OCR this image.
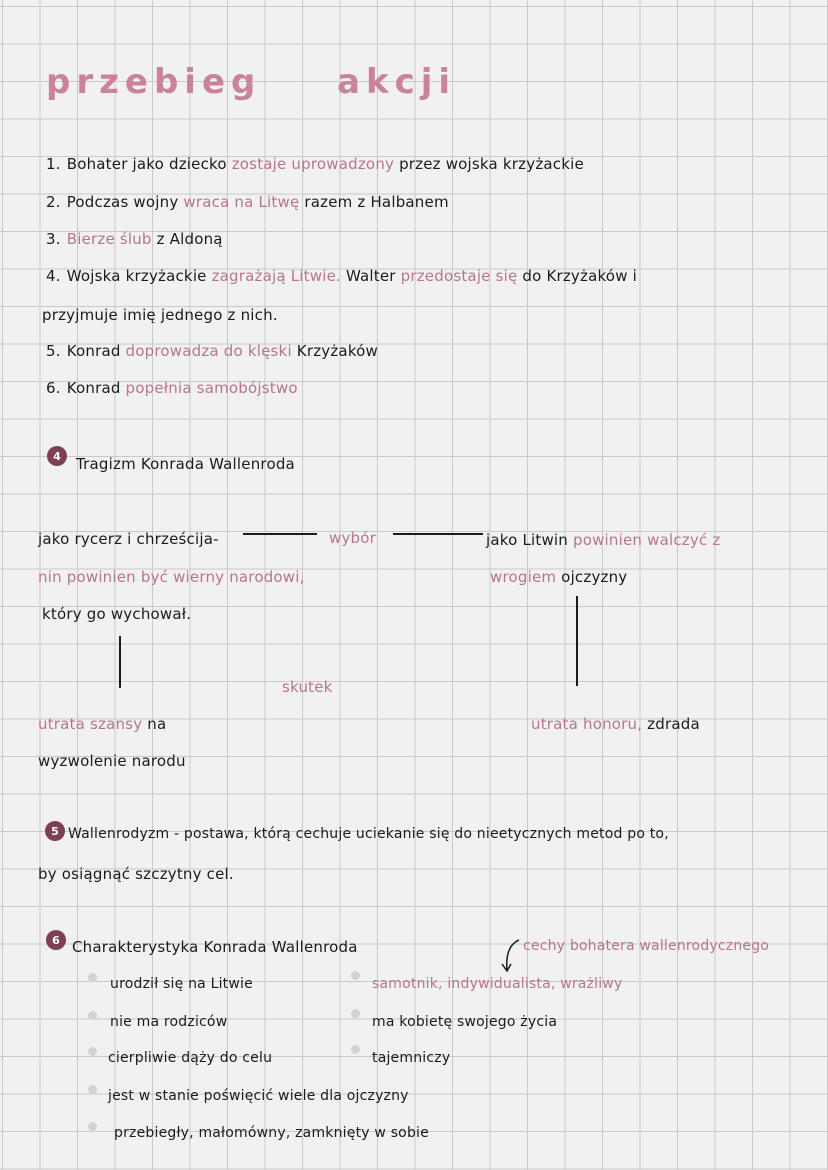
przebieg akcji
1. Bohater jako dziecko zostaje uprowadzony przez wojska krzyżackie
2. Podczas wojny wraca na Litwę razem z Halbanem
3. Bierze ślub z Aldoną
4. Wojska krzyżackie zagrażają Litwie. Walter przedostaje się do Krzyżaków i
przyjmuje imię jednego z nich.
5. Konrad doprowadza do klęski Krzyżaków
6. Konrad popełnia samobójstwo
4	Tragizm Konrada Wallenroda
jako rycerz i chrześcija-	wybór	jako Litwin powinien walczyć z
nin powinien być wierny narodowi,	wrogiem ojczyzny
który go wychował.
skutek
utrata szansy na
wyzwolenie narodu
utrata honoru, zdrada
5 Wallenrodyzm - postawa, którą cechuje uciekanie się do nieetycznych metod po to,
by osiągnąć szczytny cel.
6 Charakterystyka Konrada Wallenroda	cechy bohatera wallenrodycznego
urodził się na Litwie
nie ma rodziców
cierpliwie dąży do celu
jest w stanie poświęcić wiele dla ojczyzny
przebiegły, małomówny, zamknięty w sobie
samotnik, indywidualista, wrażliwy
ma kobietę swojego życia
tajemniczy
